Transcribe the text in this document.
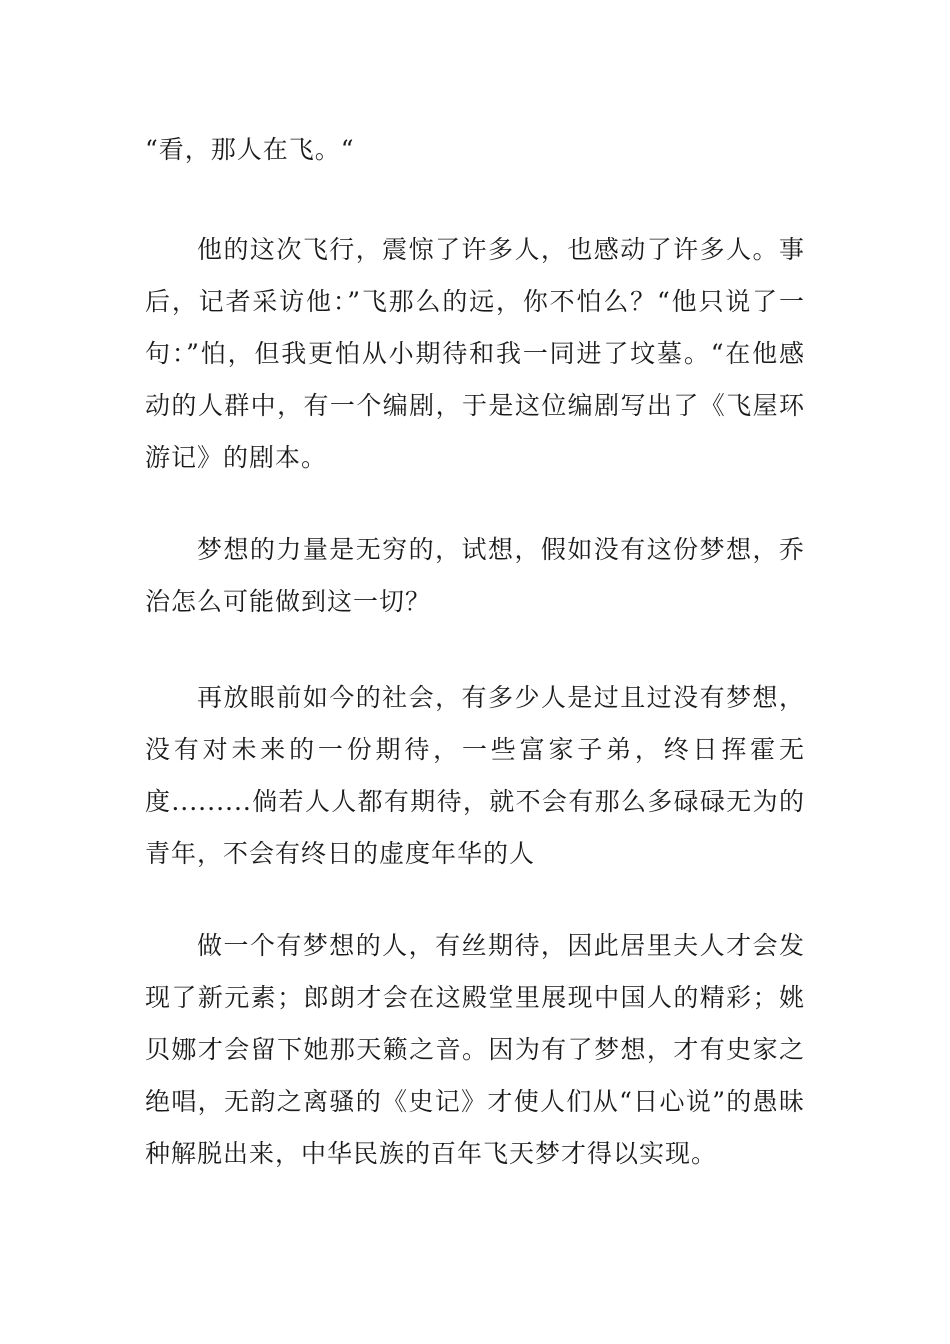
“看，那人在飞。“

他的这次飞行，震惊了许多人，也感动了许多人。事后，记者采访他：”飞那么的远，你不怕么？“他只说了一句：”怕，但我更怕从小期待和我一同进了坟墓。“在他感动的人群中，有一个编剧，于是这位编剧写出了《飞屋环游记》的剧本。

梦想的力量是无穷的，试想，假如没有这份梦想，乔治怎么可能做到这一切？

再放眼前如今的社会，有多少人是过且过没有梦想，没有对未来的一份期待，一些富家子弟，终日挥霍无度.........倘若人人都有期待，就不会有那么多碌碌无为的青年，不会有终日的虚度年华的人

做一个有梦想的人，有丝期待，因此居里夫人才会发现了新元素；郎朗才会在这殿堂里展现中国人的精彩；姚贝娜才会留下她那天籁之音。因为有了梦想，才有史家之绝唱，无韵之离骚的《史记》才使人们从“日心说”的愚昧种解脱出来，中华民族的百年飞天梦才得以实现。
